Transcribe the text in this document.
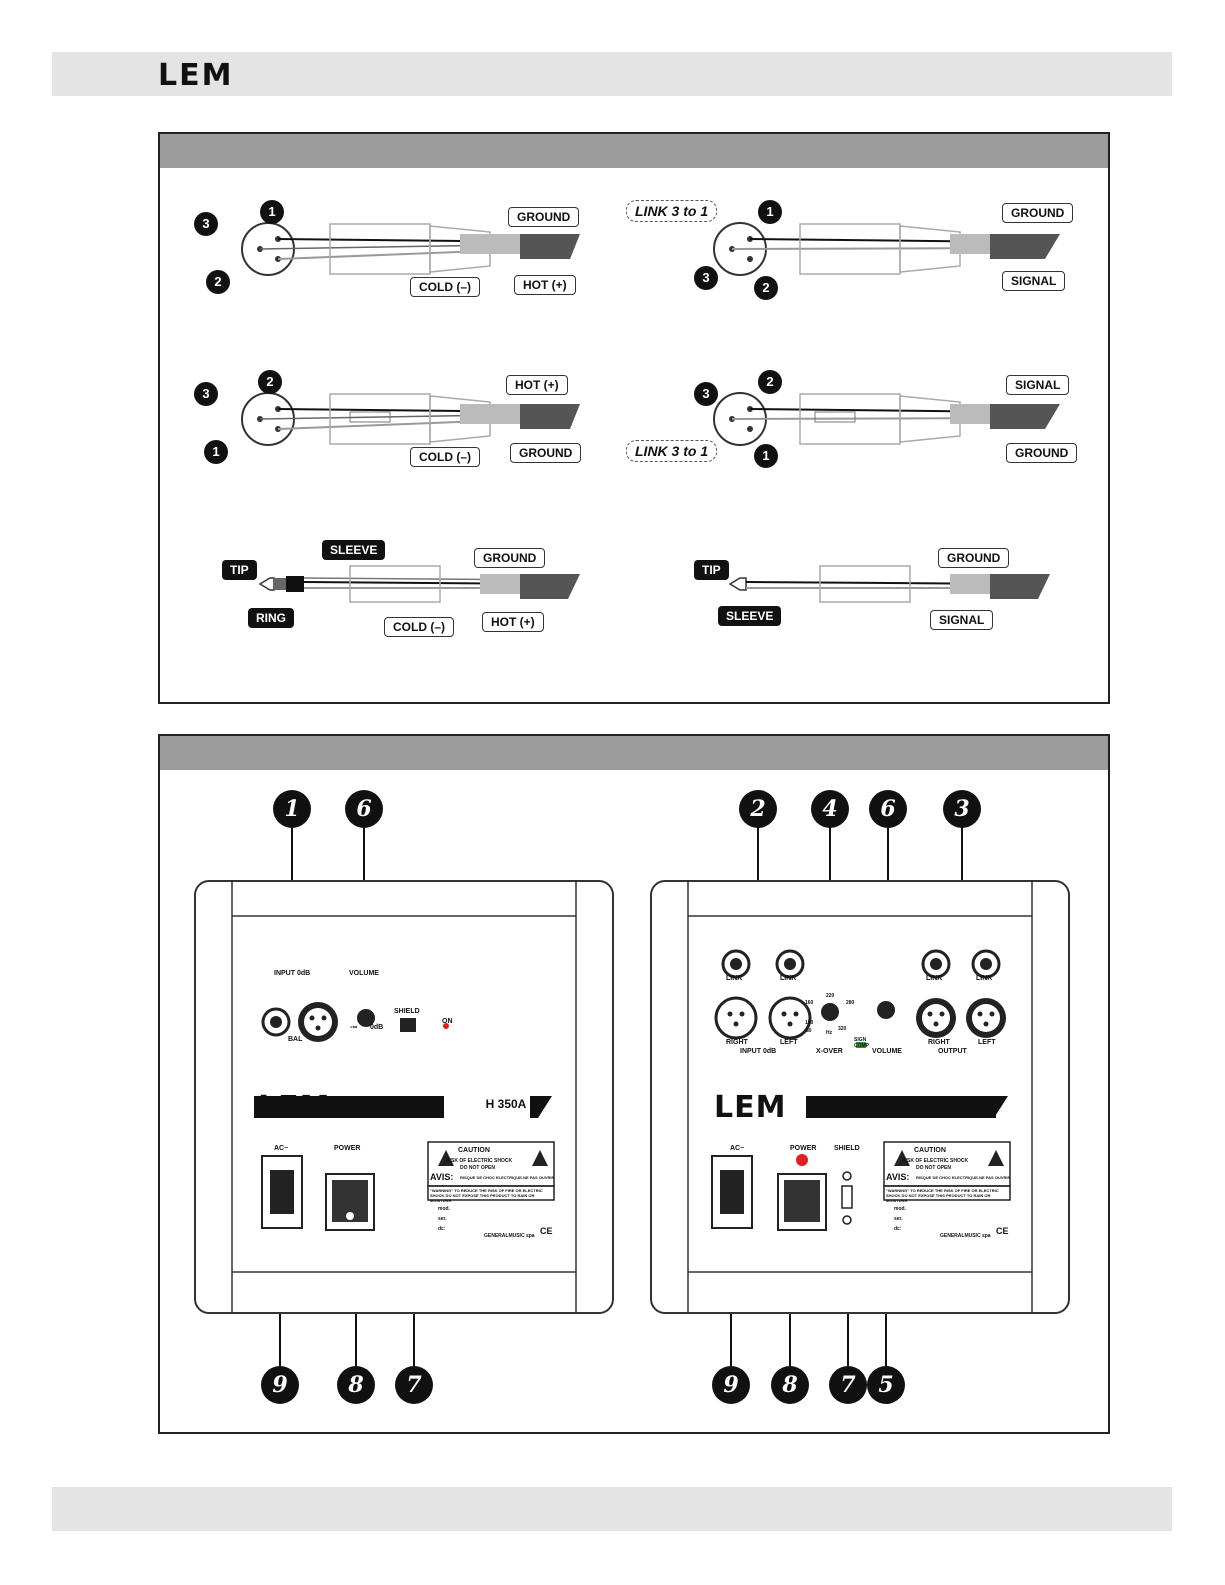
LEM
3
1
2
GROUND
COLD (–)	HOT (+)
LINK 3 to 1	1
3
2
GROUND
SIGNAL
3
2
1
HOT (+)
COLD (–)	GROUND
3
2
1
LINK 3 to 1
SIGNAL
GROUND
TIP
SLEEVE
RING
GROUND
COLD (–)	HOT (+)
TIP
SLEEVE
GROUND
SIGNAL
LEM	H 350A
INPUT 0dB	VOLUME
SHIELD
ON
BAL
-∞ 0dB
AC~	POWER	CAUTION
RISK OF ELECTRIC SHOCK
DO NOT OPEN
AVIS: RISQUE DE CHOC ELECTRIQUE-NE PAS OUVRIR
"WARNING" TO REDUCE THE RISK OF FIRE OR ELECTRIC SHOCK DO NOT EXPOSE THIS PRODUCT TO RAIN OR MOISTURE.
mod.
ser.
dc:
GENERALMUSIC spa CE
LEM	H 350SA
LINK	LINK	LINK	LINK
RIGHT	LEFT	RIGHT	LEFT
INPUT 0dB	X-OVER
SIGN COMP
VOLUME	OUTPUT
80
100
160
220
280
320
Hz
AC~	POWER	SHIELD	CAUTION
RISK OF ELECTRIC SHOCK
DO NOT OPEN
AVIS: RISQUE DE CHOC ELECTRIQUE-NE PAS OUVRIR
"WARNING" TO REDUCE THE RISK OF FIRE OR ELECTRIC SHOCK DO NOT EXPOSE THIS PRODUCT TO RAIN OR MOISTURE.
mod.
ser.
dc:
GENERALMUSIC spa CE
1	6
9	8	7
2	4	6	3
9	8	7	5
